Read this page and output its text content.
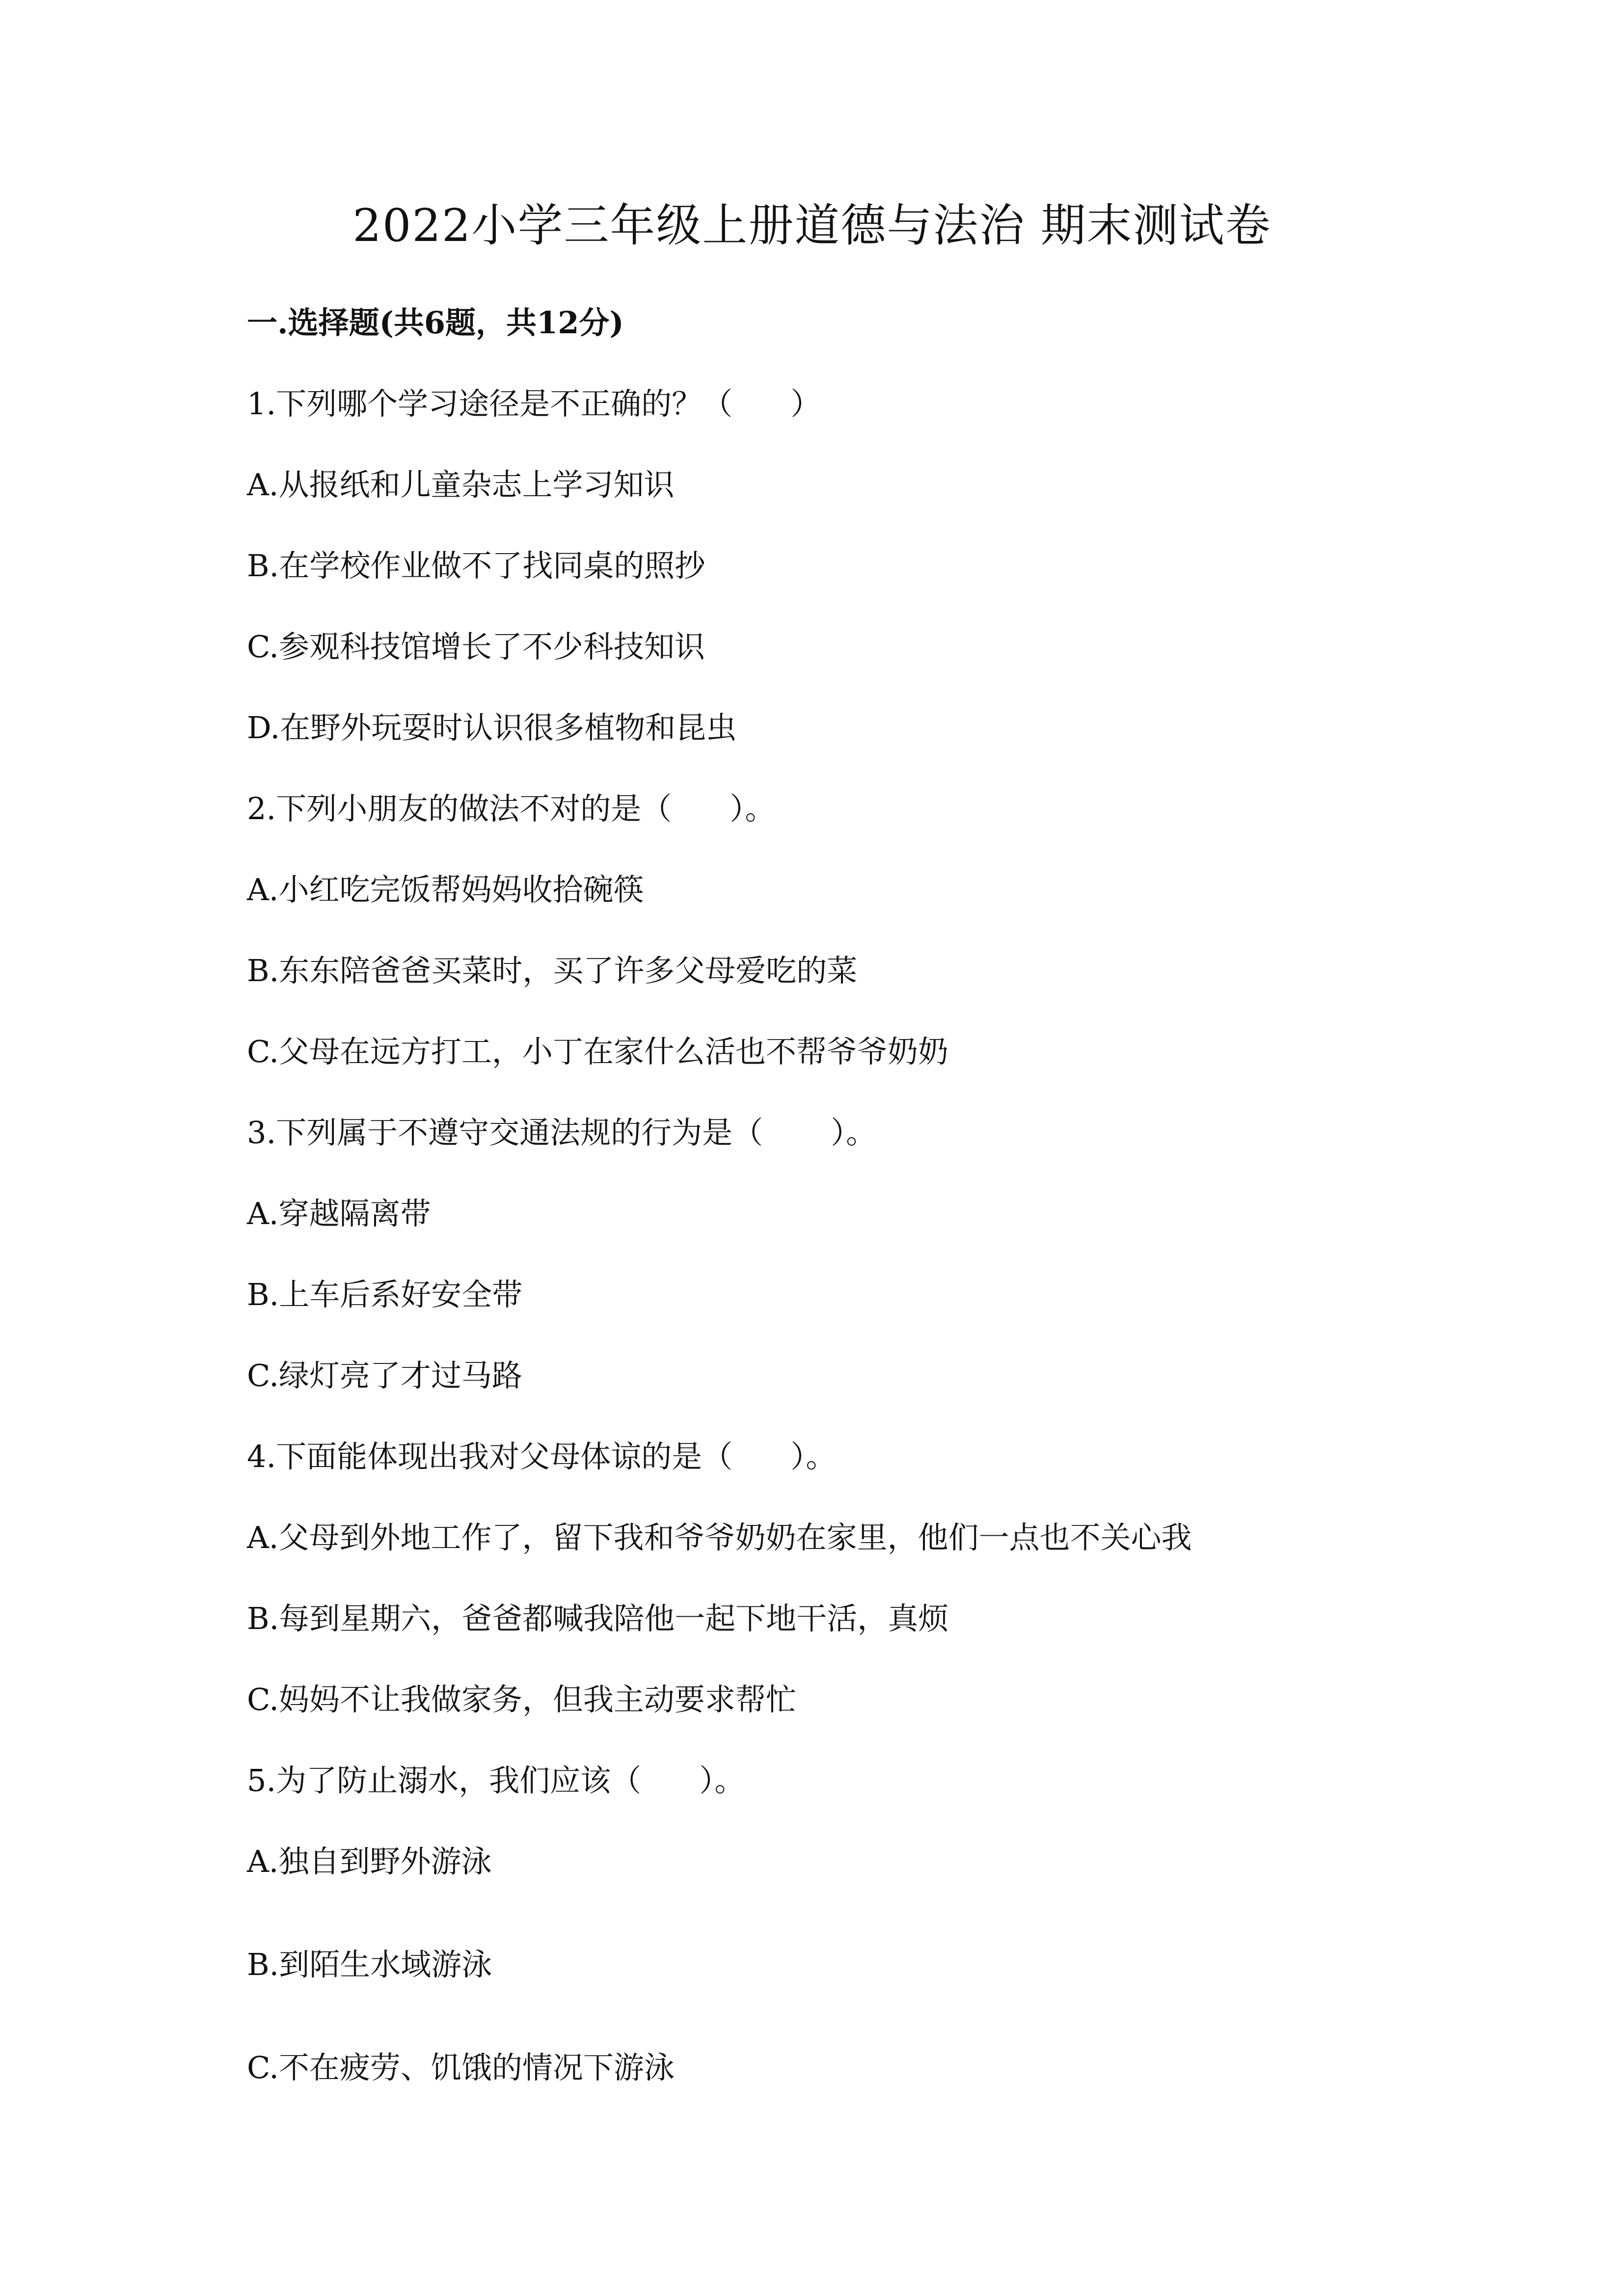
2022小学三年级上册道德与法治 期末测试卷
一.选择题(共6题，共12分)
1.下列哪个学习途径是不正确的？（      ）
A.从报纸和儿童杂志上学习知识
B.在学校作业做不了找同桌的照抄
C.参观科技馆增长了不少科技知识
D.在野外玩耍时认识很多植物和昆虫
2.下列小朋友的做法不对的是（      ）。
A.小红吃完饭帮妈妈收拾碗筷
B.东东陪爸爸买菜时，买了许多父母爱吃的菜
C.父母在远方打工，小丁在家什么活也不帮爷爷奶奶
3.下列属于不遵守交通法规的行为是（       ）。
A.穿越隔离带
B.上车后系好安全带
C.绿灯亮了才过马路
4.下面能体现出我对父母体谅的是（      ）。
A.父母到外地工作了，留下我和爷爷奶奶在家里，他们一点也不关心我
B.每到星期六，爸爸都喊我陪他一起下地干活，真烦
C.妈妈不让我做家务，但我主动要求帮忙
5.为了防止溺水，我们应该（      ）。
A.独自到野外游泳
B.到陌生水域游泳
C.不在疲劳、饥饿的情况下游泳
